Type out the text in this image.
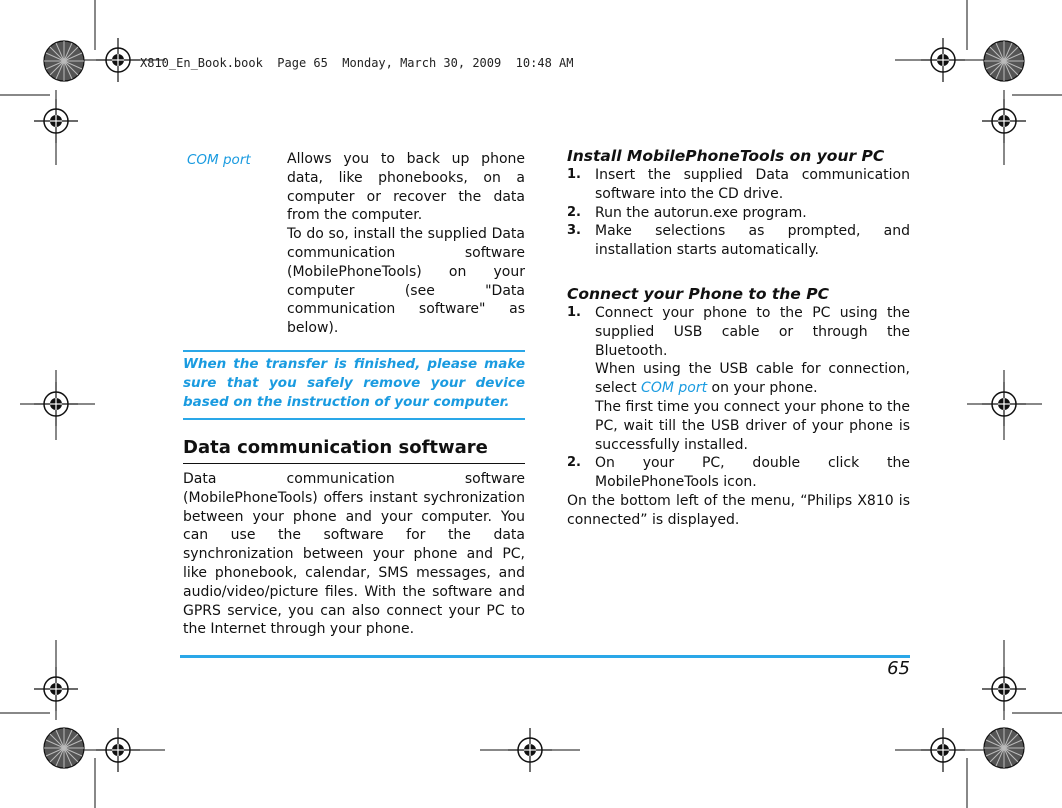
X810_En_Book.book  Page 65  Monday, March 30, 2009  10:48 AM
COM port	Allows you to back up phone data, like phonebooks, on a computer or recover the data from the computer.

To do so, install the supplied Data communication software (MobilePhoneTools) on your computer (see "Data communication software" as below).

When the transfer is finished, please make sure that you safely remove your device based on the instruction of your computer.
Data communication software

Data communication software (MobilePhoneTools) offers instant sychronization between your phone and your computer. You can use the software for the data synchronization between your phone and PC, like phonebook, calendar, SMS messages, and audio/video/picture files. With the software and GPRS service, you can also connect your PC to the Internet through your phone.

Install MobilePhoneTools on your PC
1.	Insert the supplied Data communication software into the CD drive.
2.	Run the autorun.exe program.
3.	Make selections as prompted, and installation starts automatically.
Connect your Phone to the PC
1.	Connect your phone to the PC using the supplied USB cable or through the Bluetooth.

When using the USB cable for connection, select COM port on your phone.

The first time you connect your phone to the PC, wait till the USB driver of your phone is successfully installed.

2.	On your PC, double click the MobilePhoneTools icon.

On the bottom left of the menu, “Philips X810 is connected” is displayed.

65
